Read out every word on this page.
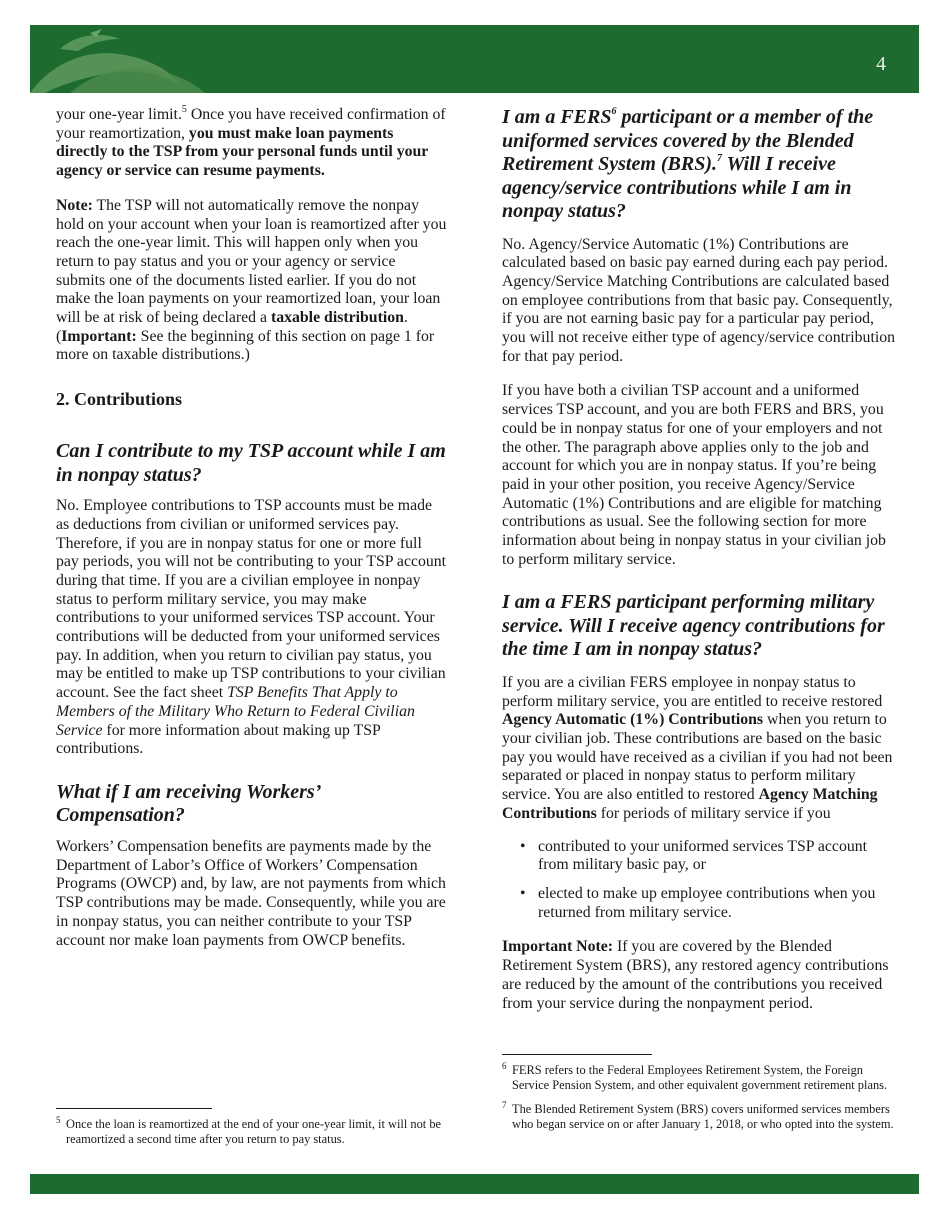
4

your one-year limit.$^5$ Once you have received confirmation of your reamortization, you must make loan payments directly to the TSP from your personal funds until your agency or service can resume payments.

Note: The TSP will not automatically remove the nonpay hold on your account when your loan is reamortized after you reach the one-year limit. This will happen only when you return to pay status and you or your agency or service submits one of the documents listed earlier. If you do not make the loan payments on your reamortized loan, your loan will be at risk of being declared a taxable distribution. (Important: See the beginning of this section on page 1 for more on taxable distributions.)

2. Contributions
Can I contribute to my TSP account while I am in nonpay status?

No. Employee contributions to TSP accounts must be made as deductions from civilian or uniformed services pay. Therefore, if you are in nonpay status for one or more full pay periods, you will not be contributing to your TSP account during that time. If you are a civilian employee in nonpay status to perform military service, you may make contributions to your uniformed services TSP account. Your contributions will be deducted from your uniformed services pay. In addition, when you return to civilian pay status, you may be entitled to make up TSP contributions to your civilian account. See the fact sheet TSP Benefits That Apply to Members of the Military Who Return to Federal Civilian Service for more information about making up TSP contributions.

What if I am receiving Workers’ Compensation?

Workers’ Compensation benefits are payments made by the Department of Labor’s Office of Workers’ Compensation Programs (OWCP) and, by law, are not payments from which TSP contributions may be made. Consequently, while you are in nonpay status, you can neither contribute to your TSP account nor make loan payments from OWCP benefits.

5 Once the loan is reamortized at the end of your one-year limit, it will not be reamortized a second time after you return to pay status.
I am a FERS$^6$ participant or a member of the uniformed services covered by the Blended Retirement System (BRS).$^7$ Will I receive agency/service contributions while I am in nonpay status?

No. Agency/Service Automatic (1%) Contributions are calculated based on basic pay earned during each pay period. Agency/Service Matching Contributions are calculated based on employee contributions from that basic pay. Consequently, if you are not earning basic pay for a particular pay period, you will not receive either type of agency/service contribution for that pay period.

If you have both a civilian TSP account and a uniformed services TSP account, and you are both FERS and BRS, you could be in nonpay status for one of your employers and not the other. The paragraph above applies only to the job and account for which you are in nonpay status. If you’re being paid in your other position, you receive Agency/Service Automatic (1%) Contributions and are eligible for matching contributions as usual. See the following section for more information about being in nonpay status in your civilian job to perform military service.

I am a FERS participant performing military service. Will I receive agency contributions for the time I am in nonpay status?

If you are a civilian FERS employee in nonpay status to perform military service, you are entitled to receive restored Agency Automatic (1%) Contributions when you return to your civilian job. These contributions are based on the basic pay you would have received as a civilian if you had not been separated or placed in nonpay status to perform military service. You are also entitled to restored Agency Matching Contributions for periods of military service if you

• contributed to your uniformed services TSP account from military basic pay, or
• elected to make up employee contributions when you returned from military service.

Important Note: If you are covered by the Blended Retirement System (BRS), any restored agency contributions are reduced by the amount of the contributions you received from your service during the nonpayment period.

6 FERS refers to the Federal Employees Retirement System, the Foreign Service Pension System, and other equivalent government retirement plans.
7 The Blended Retirement System (BRS) covers uniformed services members who began service on or after January 1, 2018, or who opted into the system.
